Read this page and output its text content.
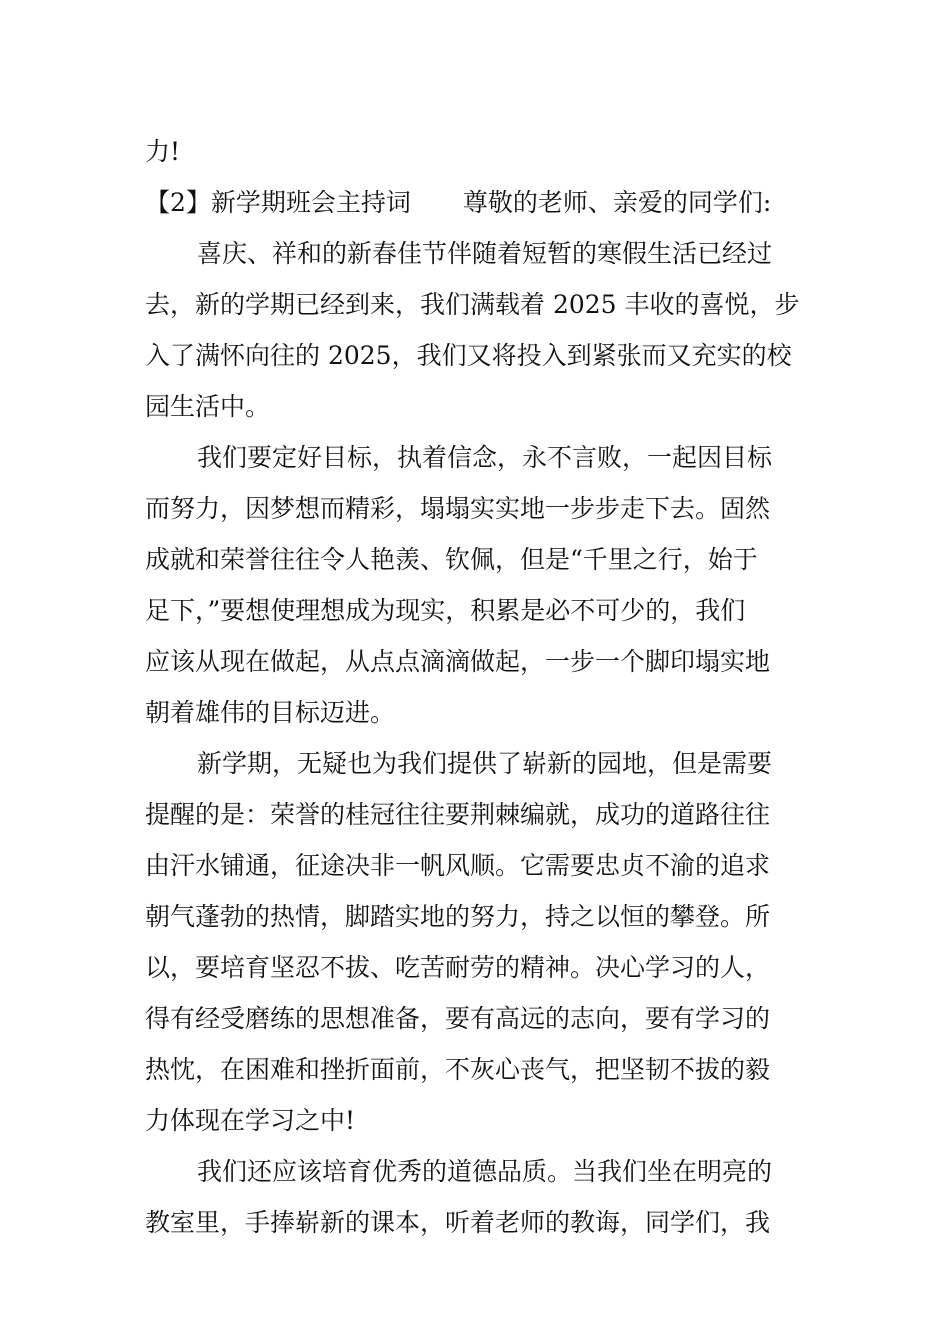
力!
【2】新学期班会主持词 尊敬的老师、亲爱的同学们:
喜庆、祥和的新春佳节伴随着短暂的寒假生活已经过
去，新的学期已经到来，我们满载着 2025 丰收的喜悦，步
入了满怀向往的 2025，我们又将投入到紧张而又充实的校
园生活中。
我们要定好目标，执着信念，永不言败，一起因目标
而努力，因梦想而精彩，塌塌实实地一步步走下去。固然
成就和荣誉往往令人艳羡、钦佩，但是“千里之行，始于
足下，”要想使理想成为现实，积累是必不可少的，我们
应该从现在做起，从点点滴滴做起，一步一个脚印塌实地
朝着雄伟的目标迈进。
新学期，无疑也为我们提供了崭新的园地，但是需要
提醒的是：荣誉的桂冠往往要荆棘编就，成功的道路往往
由汗水铺通，征途决非一帆风顺。它需要忠贞不渝的追求
朝气蓬勃的热情，脚踏实地的努力，持之以恒的攀登。所
以，要培育坚忍不拔、吃苦耐劳的精神。决心学习的人，
得有经受磨练的思想准备，要有高远的志向，要有学习的
热忱，在困难和挫折面前，不灰心丧气，把坚韧不拔的毅
力体现在学习之中!
我们还应该培育优秀的道德品质。当我们坐在明亮的
教室里，手捧崭新的课本，听着老师的教诲，同学们，我
